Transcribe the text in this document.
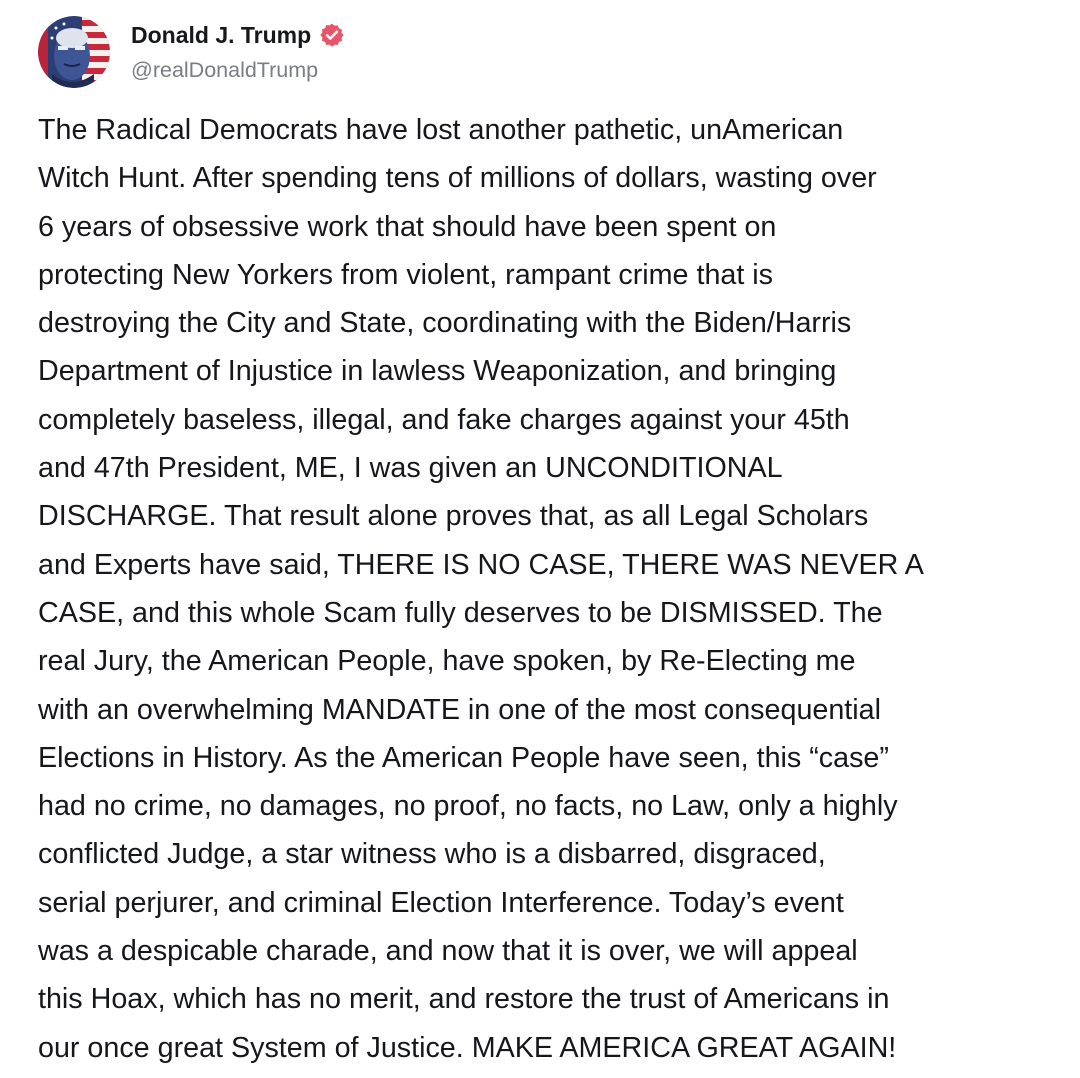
Donald J. Trump
@realDonaldTrump
The Radical Democrats have lost another pathetic, unAmerican
Witch Hunt. After spending tens of millions of dollars, wasting over
6 years of obsessive work that should have been spent on
protecting New Yorkers from violent, rampant crime that is
destroying the City and State, coordinating with the Biden/Harris
Department of Injustice in lawless Weaponization, and bringing
completely baseless, illegal, and fake charges against your 45th
and 47th President, ME, I was given an UNCONDITIONAL
DISCHARGE. That result alone proves that, as all Legal Scholars
and Experts have said, THERE IS NO CASE, THERE WAS NEVER A
CASE, and this whole Scam fully deserves to be DISMISSED. The
real Jury, the American People, have spoken, by Re-Electing me
with an overwhelming MANDATE in one of the most consequential
Elections in History. As the American People have seen, this “case”
had no crime, no damages, no proof, no facts, no Law, only a highly
conflicted Judge, a star witness who is a disbarred, disgraced,
serial perjurer, and criminal Election Interference. Today’s event
was a despicable charade, and now that it is over, we will appeal
this Hoax, which has no merit, and restore the trust of Americans in
our once great System of Justice. MAKE AMERICA GREAT AGAIN!
